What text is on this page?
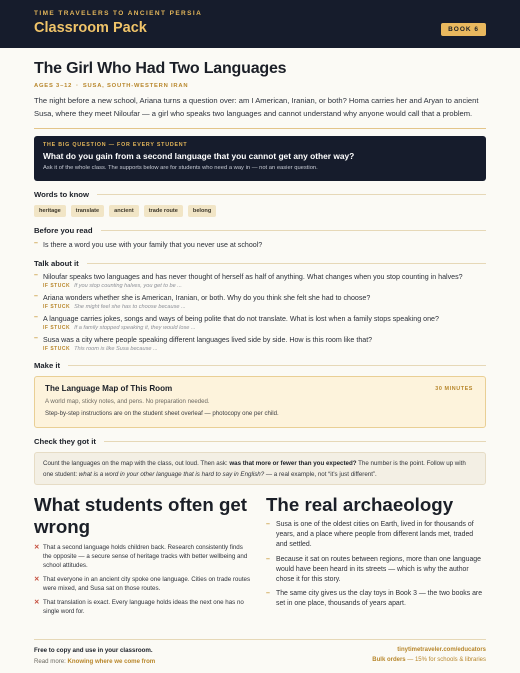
TIME TRAVELERS TO ANCIENT PERSIA
Classroom Pack	BOOK 6
The Girl Who Had Two Languages
AGES 3–12 · SUSA, SOUTH-WESTERN IRAN

The night before a new school, Ariana turns a question over: am I American, Iranian, or both? Homa carries her and Aryan to ancient Susa, where they meet Niloufar — a girl who speaks two languages and cannot understand why anyone would call that a problem.

THE BIG QUESTION — FOR EVERY STUDENT
What do you gain from a second language that you cannot get any other way?
Ask it of the whole class. The supports below are for students who need a way in — not an easier question.
Words to know
heritage	translate	ancient	trade route	belong
Before you read
– Is there a word you use with your family that you never use at school?
Talk about it
– Niloufar speaks two languages and has never thought of herself as half of anything. What changes when you stop counting in halves?
IF STUCK If you stop counting halves, you get to be ...
– Ariana wonders whether she is American, Iranian, or both. Why do you think she felt she had to choose?
IF STUCK She might feel she has to choose because ...
– A language carries jokes, songs and ways of being polite that do not translate. What is lost when a family stops speaking one?
IF STUCK If a family stopped speaking it, they would lose ...
– Susa was a city where people speaking different languages lived side by side. How is this room like that?
IF STUCK This room is like Susa because ...
Make it
The Language Map of This Room	30 MINUTES
A world map, sticky notes, and pens. No preparation needed.
Step-by-step instructions are on the student sheet overleaf — photocopy one per child.
Check they got it
Count the languages on the map with the class, out loud. Then ask: was that more or fewer than you expected? The number is the point. Follow up with one student: what is a word in your other language that is hard to say in English? — a real example, not “it’s just different”.
What students often get wrong
✕ That a second language holds children back. Research consistently finds the opposite — a secure sense of heritage tracks with better wellbeing and school attitudes.
✕ That everyone in an ancient city spoke one language. Cities on trade routes were mixed, and Susa sat on those routes.
✕ That translation is exact. Every language holds ideas the next one has no single word for.
The real archaeology
– Susa is one of the oldest cities on Earth, lived in for thousands of years, and a place where people from different lands met, traded and settled.
– Because it sat on routes between regions, more than one language would have been heard in its streets — which is why the author chose it for this story.
– The same city gives us the clay toys in Book 3 — the two books are set in one place, thousands of years apart.
Free to copy and use in your classroom.
Read more: Knowing where we come from
tinytimetraveler.com/educators
Bulk orders — 15% for schools & libraries
